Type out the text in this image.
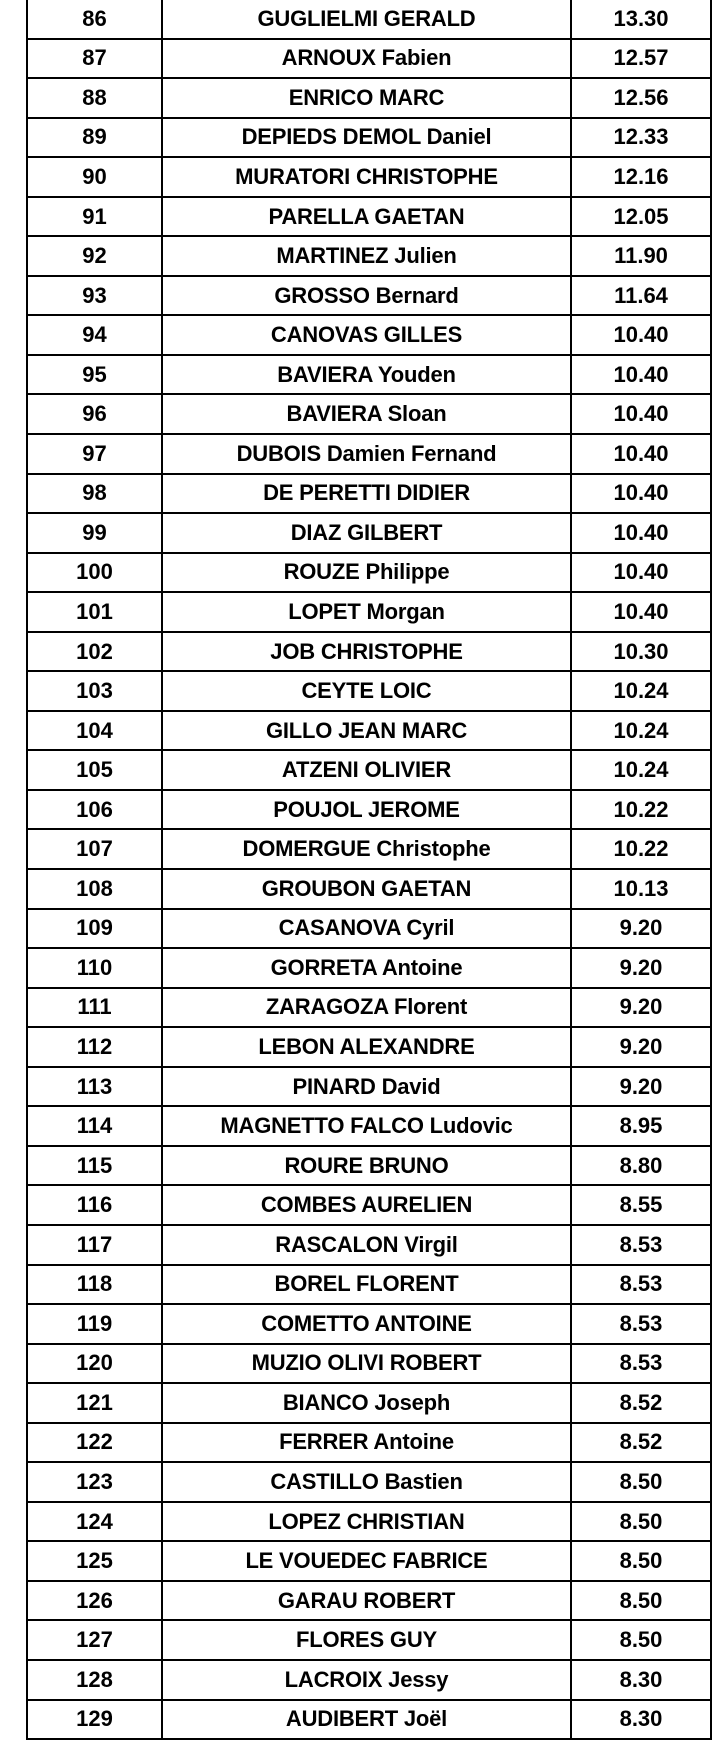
86	GUGLIELMI GERALD	13.30
87	ARNOUX Fabien	12.57
88	ENRICO MARC	12.56
89	DEPIEDS DEMOL Daniel	12.33
90	MURATORI CHRISTOPHE	12.16
91	PARELLA GAETAN	12.05
92	MARTINEZ Julien	11.90
93	GROSSO Bernard	11.64
94	CANOVAS GILLES	10.40
95	BAVIERA Youden	10.40
96	BAVIERA Sloan	10.40
97	DUBOIS Damien Fernand	10.40
98	DE PERETTI DIDIER	10.40
99	DIAZ GILBERT	10.40
100	ROUZE Philippe	10.40
101	LOPET Morgan	10.40
102	JOB CHRISTOPHE	10.30
103	CEYTE LOIC	10.24
104	GILLO JEAN MARC	10.24
105	ATZENI OLIVIER	10.24
106	POUJOL JEROME	10.22
107	DOMERGUE Christophe	10.22
108	GROUBON GAETAN	10.13
109	CASANOVA Cyril	9.20
110	GORRETA Antoine	9.20
111	ZARAGOZA Florent	9.20
112	LEBON ALEXANDRE	9.20
113	PINARD David	9.20
114	MAGNETTO FALCO Ludovic	8.95
115	ROURE BRUNO	8.80
116	COMBES AURELIEN	8.55
117	RASCALON Virgil	8.53
118	BOREL FLORENT	8.53
119	COMETTO ANTOINE	8.53
120	MUZIO OLIVI ROBERT	8.53
121	BIANCO Joseph	8.52
122	FERRER Antoine	8.52
123	CASTILLO Bastien	8.50
124	LOPEZ CHRISTIAN	8.50
125	LE VOUEDEC FABRICE	8.50
126	GARAU ROBERT	8.50
127	FLORES GUY	8.50
128	LACROIX Jessy	8.30
129	AUDIBERT Joël	8.30
